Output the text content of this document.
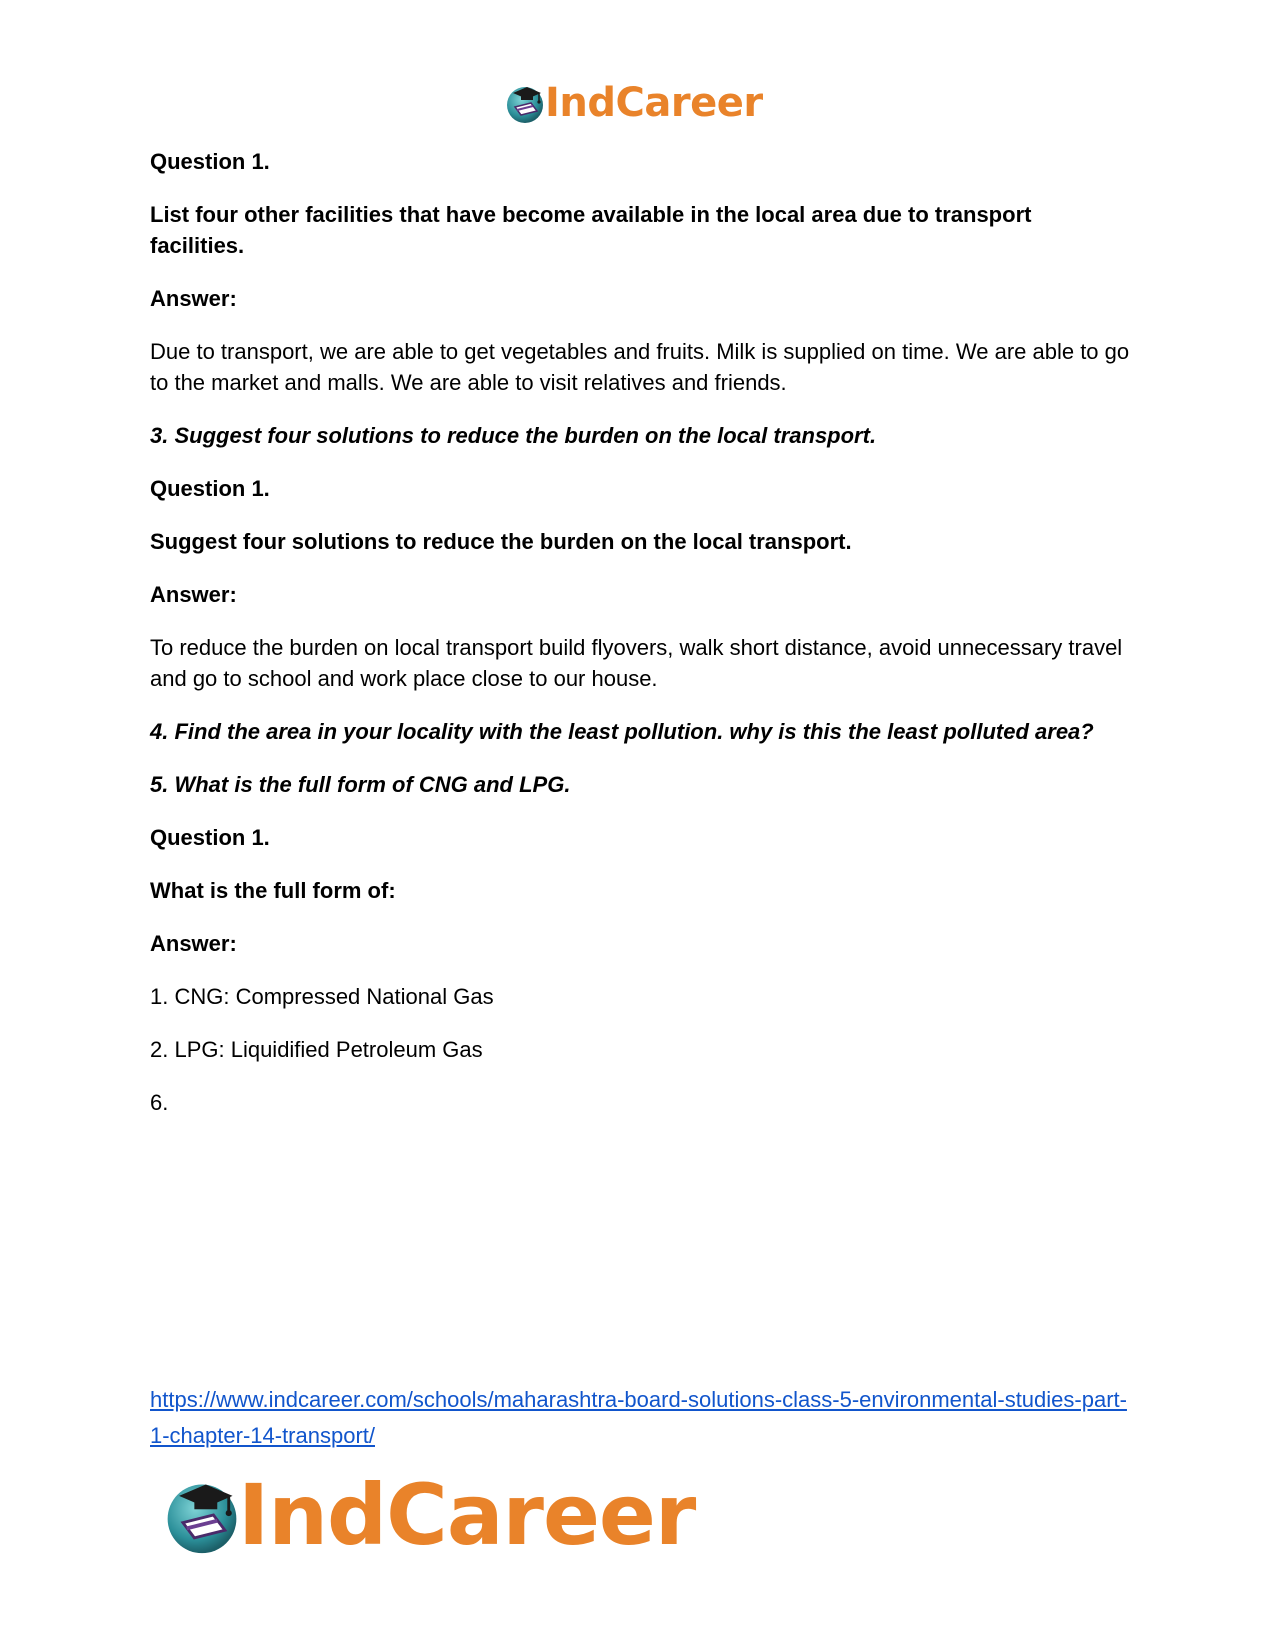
IndCareer

Question 1.

List four other facilities that have become available in the local area due to transport facilities.

Answer:

Due to transport, we are able to get vegetables and fruits. Milk is supplied on time. We are able to go to the market and malls. We are able to visit relatives and friends.

3. Suggest four solutions to reduce the burden on the local transport.

Question 1.

Suggest four solutions to reduce the burden on the local transport.

Answer:

To reduce the burden on local transport build flyovers, walk short distance, avoid unnecessary travel and go to school and work place close to our house.

4. Find the area in your locality with the least pollution. why is this the least polluted area?

5. What is the full form of CNG and LPG.

Question 1.

What is the full form of:

Answer:

1. CNG: Compressed National Gas

2. LPG: Liquidified Petroleum Gas

6.

https://www.indcareer.com/schools/maharashtra-board-solutions-class-5-environmental-studies-part-1-chapter-14-transport/
IndCareer
